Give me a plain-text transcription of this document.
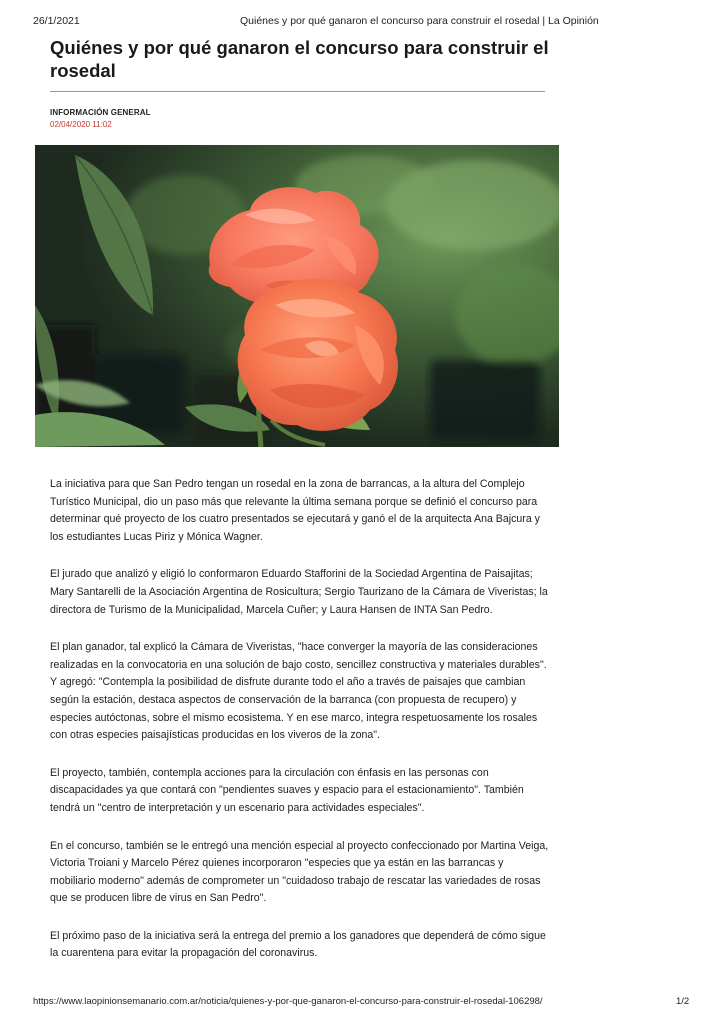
26/1/2021	Quiénes y por qué ganaron el concurso para construir el rosedal | La Opinión
Quiénes y por qué ganaron el concurso para construir el rosedal
INFORMACIÓN GENERAL
02/04/2020 11:02

La iniciativa para que San Pedro tengan un rosedal en la zona de barrancas, a la altura del Complejo Turístico Municipal, dio un paso más que relevante la última semana porque se definió el concurso para determinar qué proyecto de los cuatro presentados se ejecutará y ganó el de la arquitecta Ana Bajcura y los estudiantes Lucas Piriz y Mónica Wagner.

El jurado que analizó y eligió lo conformaron Eduardo Stafforini de la Sociedad Argentina de Paisajitas; Mary Santarelli de la Asociación Argentina de Rosicultura; Sergio Taurizano de la Cámara de Viveristas; la directora de Turismo de la Municipalidad, Marcela Cuñer; y Laura Hansen de INTA San Pedro.

El plan ganador, tal explicó la Cámara de Viveristas, "hace converger la mayoría de las consideraciones realizadas en la convocatoria en una solución de bajo costo, sencillez constructiva y materiales durables". Y agregó: "Contempla la posibilidad de disfrute durante todo el año a través de paisajes que cambian según la estación, destaca aspectos de conservación de la barranca (con propuesta de recupero) y especies autóctonas, sobre el mismo ecosistema. Y en ese marco, integra respetuosamente los rosales con otras especies paisajísticas producidas en los viveros de la zona".

El proyecto, también, contempla acciones para la circulación con énfasis en las personas con discapacidades ya que contará con "pendientes suaves y espacio para el estacionamiento". También tendrá un "centro de interpretación y un escenario para actividades especiales".

En el concurso, también se le entregó una mención especial al proyecto confeccionado por Martina Veiga, Victoria Troiani y Marcelo Pérez quienes incorporaron "especies que ya están en las barrancas y mobiliario moderno" además de comprometer un "cuidadoso trabajo de rescatar las variedades de rosas que se producen libre de virus en San Pedro".

El próximo paso de la iniciativa será la entrega del premio a los ganadores que dependerá de cómo sigue la cuarentena para evitar la propagación del coronavirus.

https://www.laopinionsemanario.com.ar/noticia/quienes-y-por-que-ganaron-el-concurso-para-construir-el-rosedal-106298/	1/2
